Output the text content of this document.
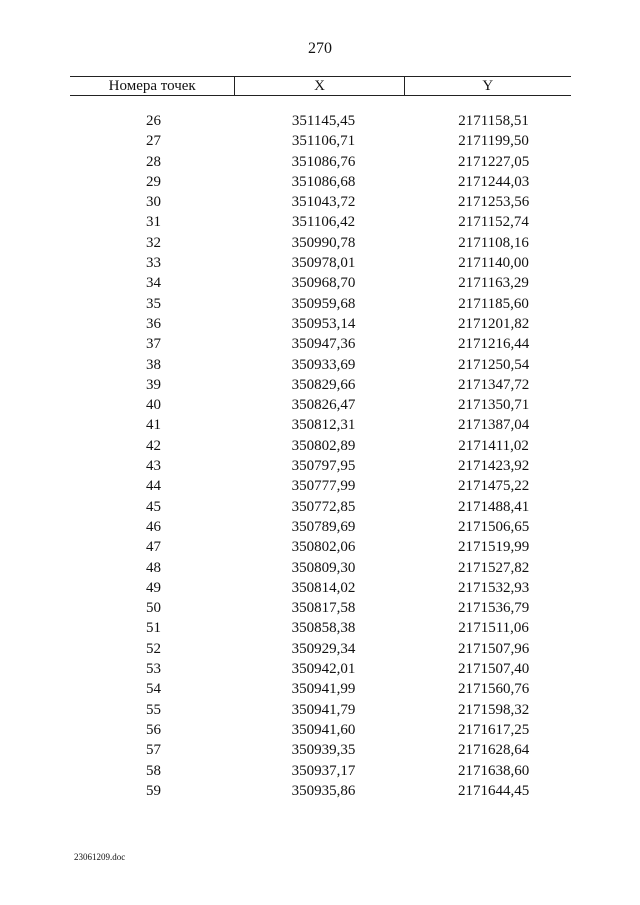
270
Номера точек	X	Y

26	351145,45	2171158,51
27	351106,71	2171199,50
28	351086,76	2171227,05
29	351086,68	2171244,03
30	351043,72	2171253,56
31	351106,42	2171152,74
32	350990,78	2171108,16
33	350978,01	2171140,00
34	350968,70	2171163,29
35	350959,68	2171185,60
36	350953,14	2171201,82
37	350947,36	2171216,44
38	350933,69	2171250,54
39	350829,66	2171347,72
40	350826,47	2171350,71
41	350812,31	2171387,04
42	350802,89	2171411,02
43	350797,95	2171423,92
44	350777,99	2171475,22
45	350772,85	2171488,41
46	350789,69	2171506,65
47	350802,06	2171519,99
48	350809,30	2171527,82
49	350814,02	2171532,93
50	350817,58	2171536,79
51	350858,38	2171511,06
52	350929,34	2171507,96
53	350942,01	2171507,40
54	350941,99	2171560,76
55	350941,79	2171598,32
56	350941,60	2171617,25
57	350939,35	2171628,64
58	350937,17	2171638,60
59	350935,86	2171644,45
23061209.doc
